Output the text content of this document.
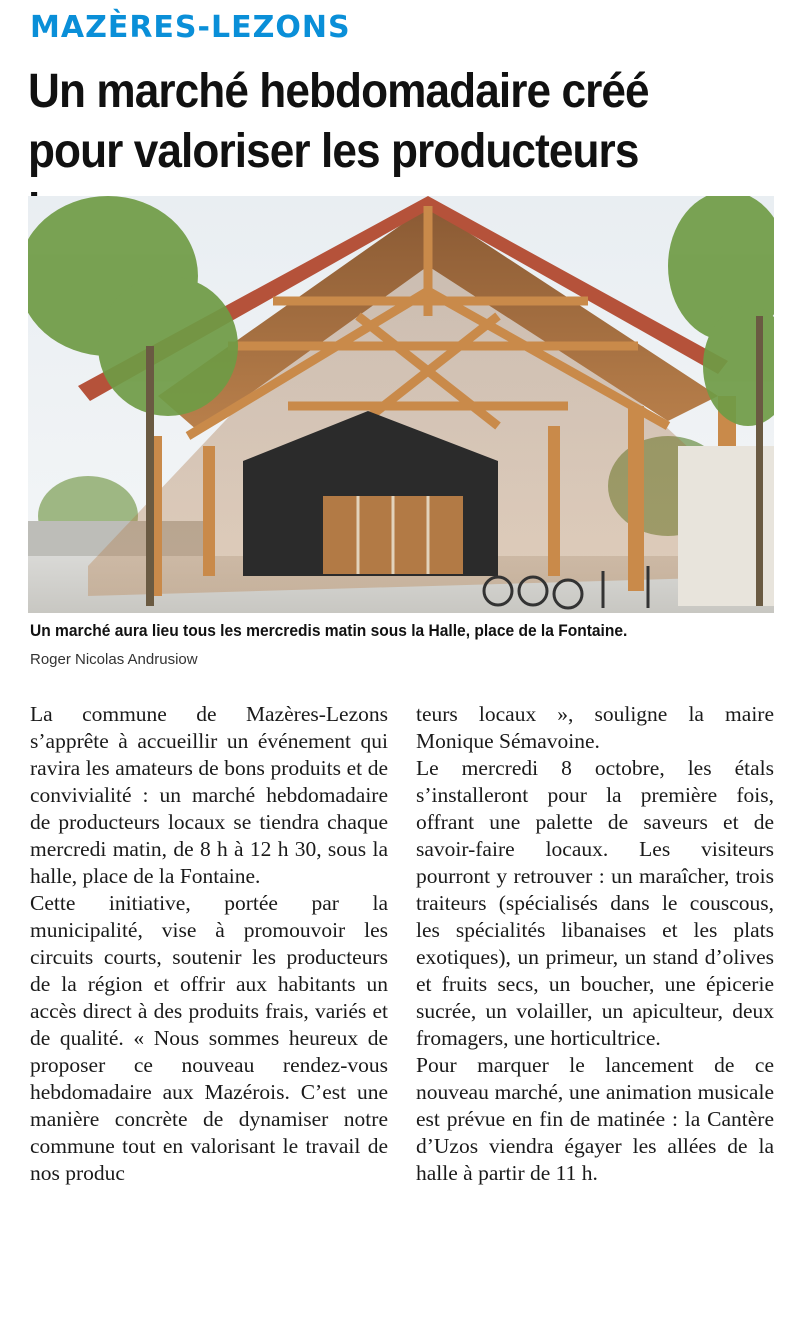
MAZÈRES-LEZONS
Un marché hebdomadaire créé pour valoriser les producteurs

Un marché aura lieu tous les mercredis matin sous la Halle, place de la Fontaine.

Roger Nicolas Andrusiow

La commune de Mazères-Lezons s’apprête à accueillir un événement qui ravira les amateurs de bons produits et de convivialité : un marché hebdomadaire de producteurs locaux se tiendra chaque mercredi matin, de 8 h à 12 h 30, sous la halle, place de la Fontaine.

Cette initiative, portée par la municipalité, vise à promouvoir les circuits courts, soutenir les producteurs de la région et offrir aux habitants un accès direct à des produits frais, variés et de qualité. « Nous sommes heureux de proposer ce nouveau rendez-vous hebdomadaire aux Mazérois. C’est une manière concrète de dynamiser notre commune tout en valorisant le travail de nos produc

teurs locaux », souligne la maire Monique Sémavoine.

Le mercredi 8 octobre, les étals s’installeront pour la première fois, offrant une palette de saveurs et de savoir-faire locaux. Les visiteurs pourront y retrouver : un maraîcher, trois traiteurs (spécialisés dans le couscous, les spécialités libanaises et les plats exotiques), un primeur, un stand d’olives et fruits secs, un boucher, une épicerie sucrée, un volailler, un apiculteur, deux fromagers, une horticultrice.

Pour marquer le lancement de ce nouveau marché, une animation musicale est prévue en fin de matinée : la Cantère d’Uzos viendra égayer les allées de la halle à partir de 11 h.
